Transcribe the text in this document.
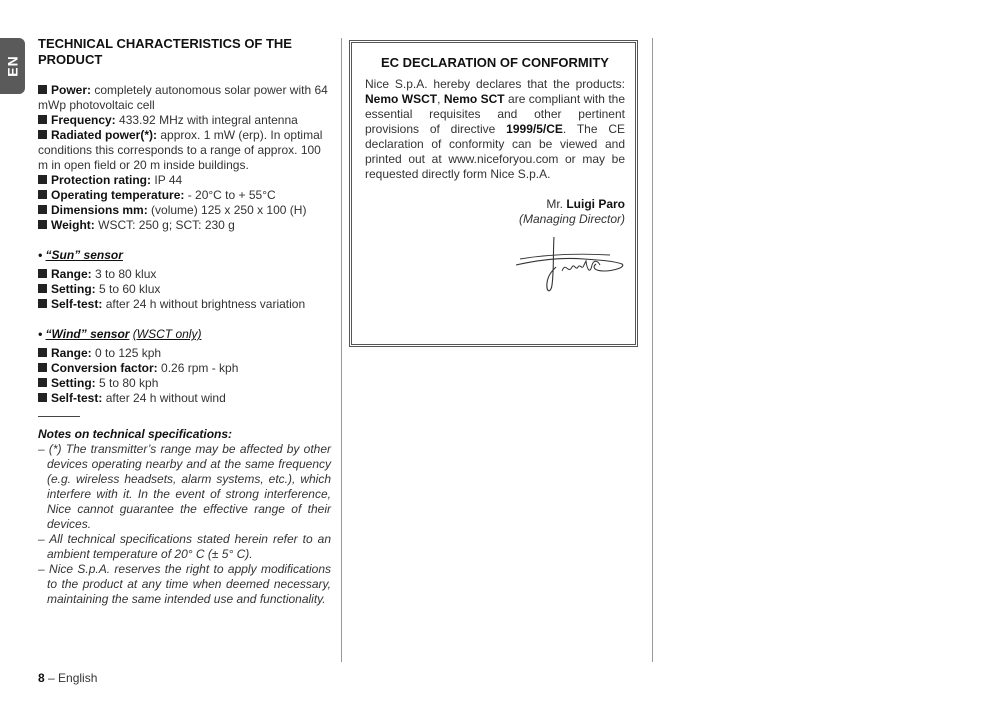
EN
TECHNICAL CHARACTERISTICS OF THE PRODUCT

Power: completely autonomous solar power with 64 mWp photovoltaic cell

Frequency: 433.92 MHz with integral antenna

Radiated power(*): approx. 1 mW (erp). In optimal conditions this corresponds to a range of approx. 100 m in open field or 20 m inside buildings.

Protection rating: IP 44

Operating temperature: - 20°C to + 55°C

Dimensions mm: (volume) 125 x 250 x 100 (H)

Weight: WSCT: 250 g; SCT: 230 g

• “Sun” sensor

Range: 3 to 80 klux

Setting: 5 to 60 klux

Self-test: after 24 h without brightness variation

• “Wind” sensor (WSCT only)

Range: 0 to 125 kph

Conversion factor: 0.26 rpm - kph

Setting: 5 to 80 kph

Self-test: after 24 h without wind

Notes on technical specifications:

– (*) The transmitter’s range may be affected by other devices operating nearby and at the same frequency (e.g. wireless headsets, alarm systems, etc.), which interfere with it. In the event of strong interference, Nice cannot guarantee the effective range of their devices.

– All technical specifications stated herein refer to an ambient temperature of 20° C (± 5° C).

– Nice S.p.A. reserves the right to apply modifications to the product at any time when deemed necessary, maintaining the same intended use and functionality.

EC DECLARATION OF CONFORMITY

Nice S.p.A. hereby declares that the products: Nemo WSCT, Nemo SCT are compliant with the essential requisites and other pertinent provisions of directive 1999/5/CE. The CE declaration of conformity can be viewed and printed out at www.niceforyou.com or may be requested directly form Nice S.p.A.

Mr. Luigi Paro

(Managing Director)

8 – English
